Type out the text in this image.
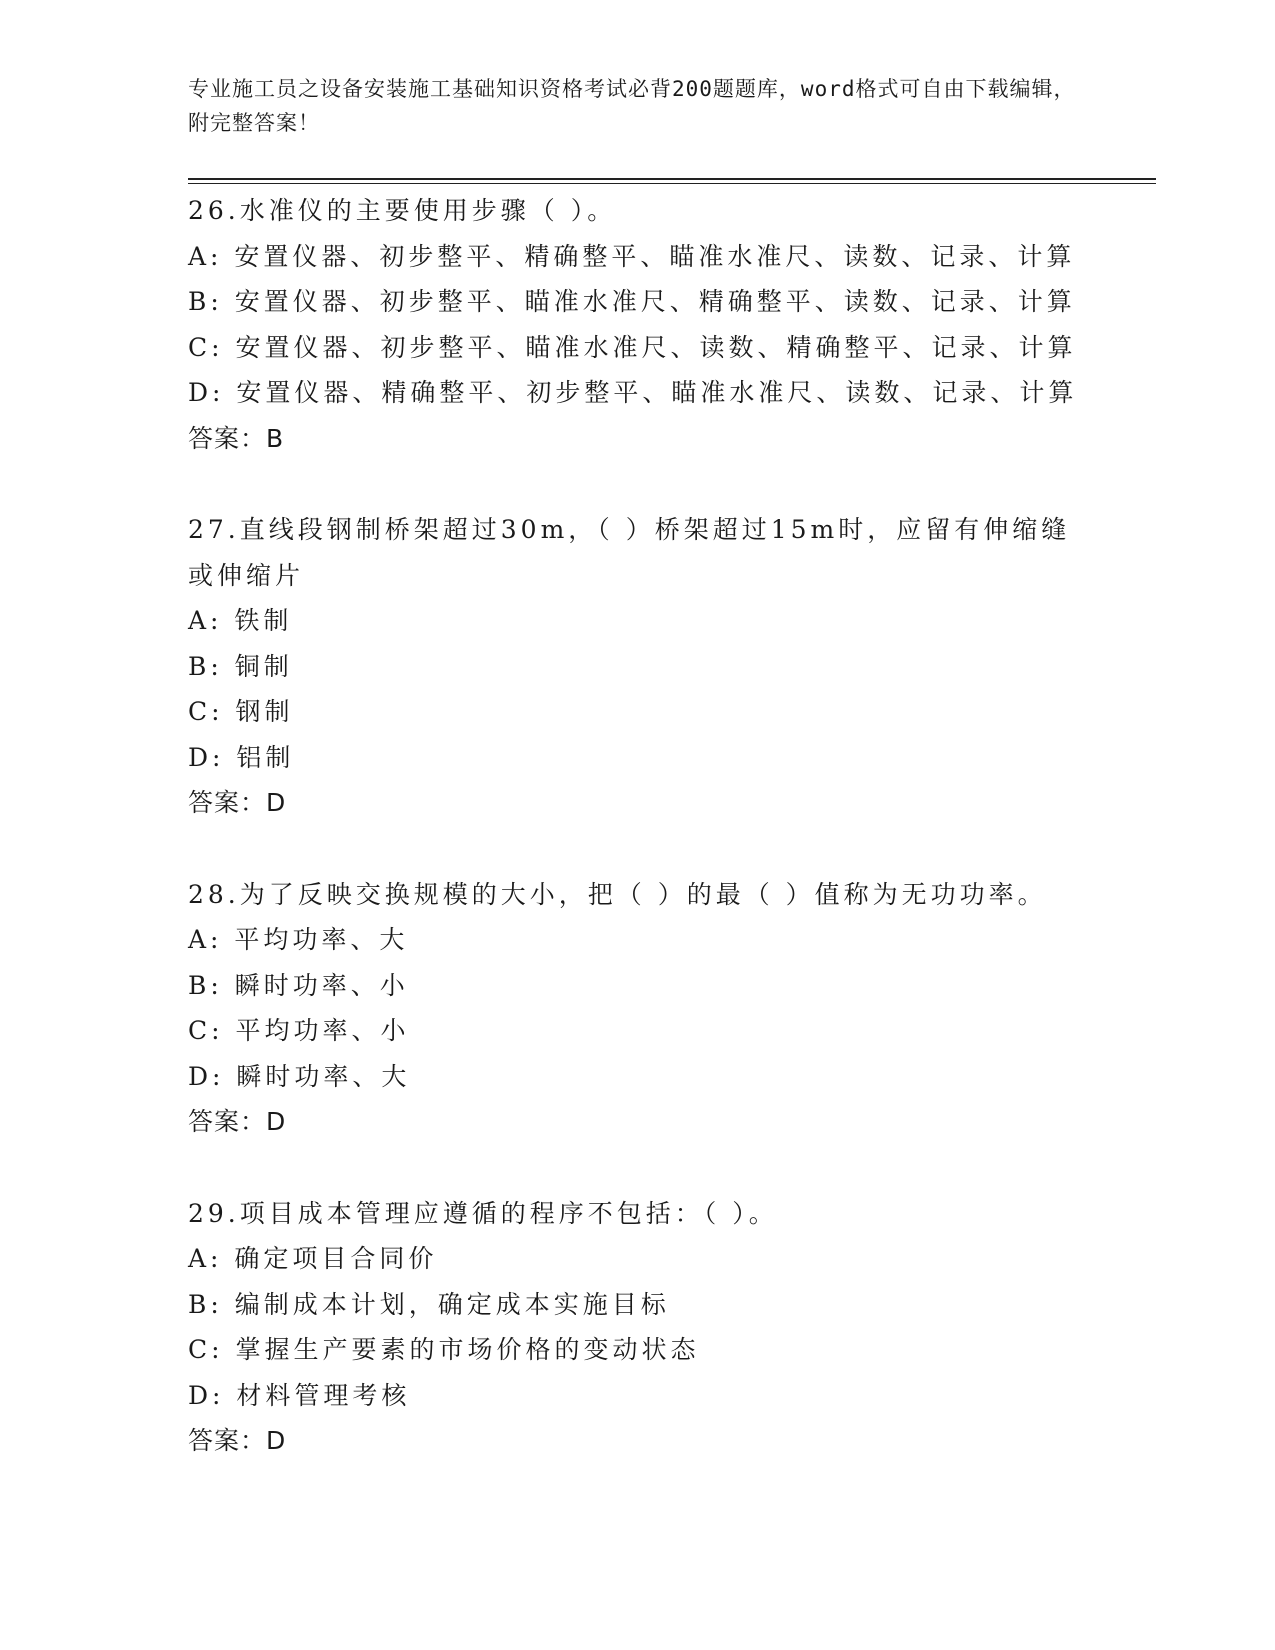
专业施工员之设备安装施工基础知识资格考试必背200题题库，word格式可自由下载编辑，附完整答案！
26.水准仪的主要使用步骤（ ）。
A: 安置仪器、初步整平、精确整平、瞄准水准尺、读数、记录、计算
B: 安置仪器、初步整平、瞄准水准尺、精确整平、读数、记录、计算
C: 安置仪器、初步整平、瞄准水准尺、读数、精确整平、记录、计算
D: 安置仪器、精确整平、初步整平、瞄准水准尺、读数、记录、计算
答案：B
27.直线段钢制桥架超过30m，（ ）桥架超过15m时，应留有伸缩缝或伸缩片
A: 铁制
B: 铜制
C: 钢制
D: 铝制
答案：D
28.为了反映交换规模的大小，把（ ）的最（ ）值称为无功功率。
A: 平均功率、大
B: 瞬时功率、小
C: 平均功率、小
D: 瞬时功率、大
答案：D
29.项目成本管理应遵循的程序不包括：（ ）。
A: 确定项目合同价
B: 编制成本计划，确定成本实施目标
C: 掌握生产要素的市场价格的变动状态
D: 材料管理考核
答案：D
